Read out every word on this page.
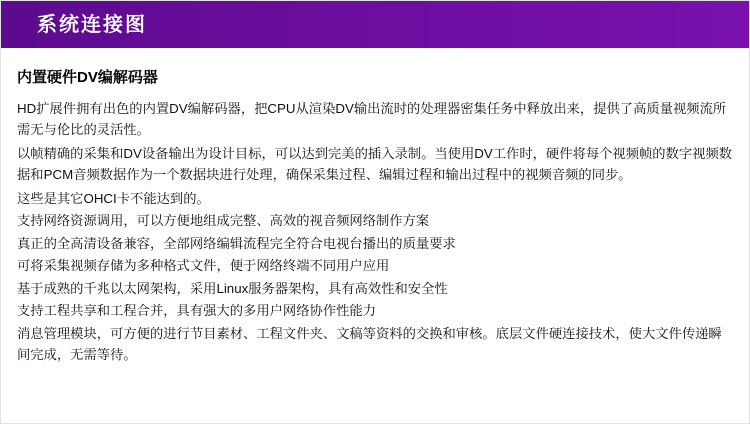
系统连接图
内置硬件DV编解码器

HD扩展件拥有出色的内置DV编解码器，把CPU从渲染DV输出流时的处理器密集任务中释放出来，提供了高质量视频流所需无与伦比的灵活性。

以帧精确的采集和DV设备输出为设计目标，可以达到完美的插入录制。当使用DV工作时，硬件将每个视频帧的数字视频数据和PCM音频数据作为一个数据块进行处理，确保采集过程、编辑过程和输出过程中的视频音频的同步。

这些是其它OHCI卡不能达到的。

支持网络资源调用，可以方便地组成完整、高效的视音频网络制作方案

真正的全高清设备兼容，全部网络编辑流程完全符合电视台播出的质量要求

可将采集视频存储为多种格式文件，便于网络终端不同用户应用

基于成熟的千兆以太网架构，采用Linux服务器架构，具有高效性和安全性

支持工程共享和工程合并，具有强大的多用户网络协作性能力

消息管理模块，可方便的进行节目素材、工程文件夹、文稿等资料的交换和审核。底层文件硬连接技术，使大文件传递瞬间完成，无需等待。
